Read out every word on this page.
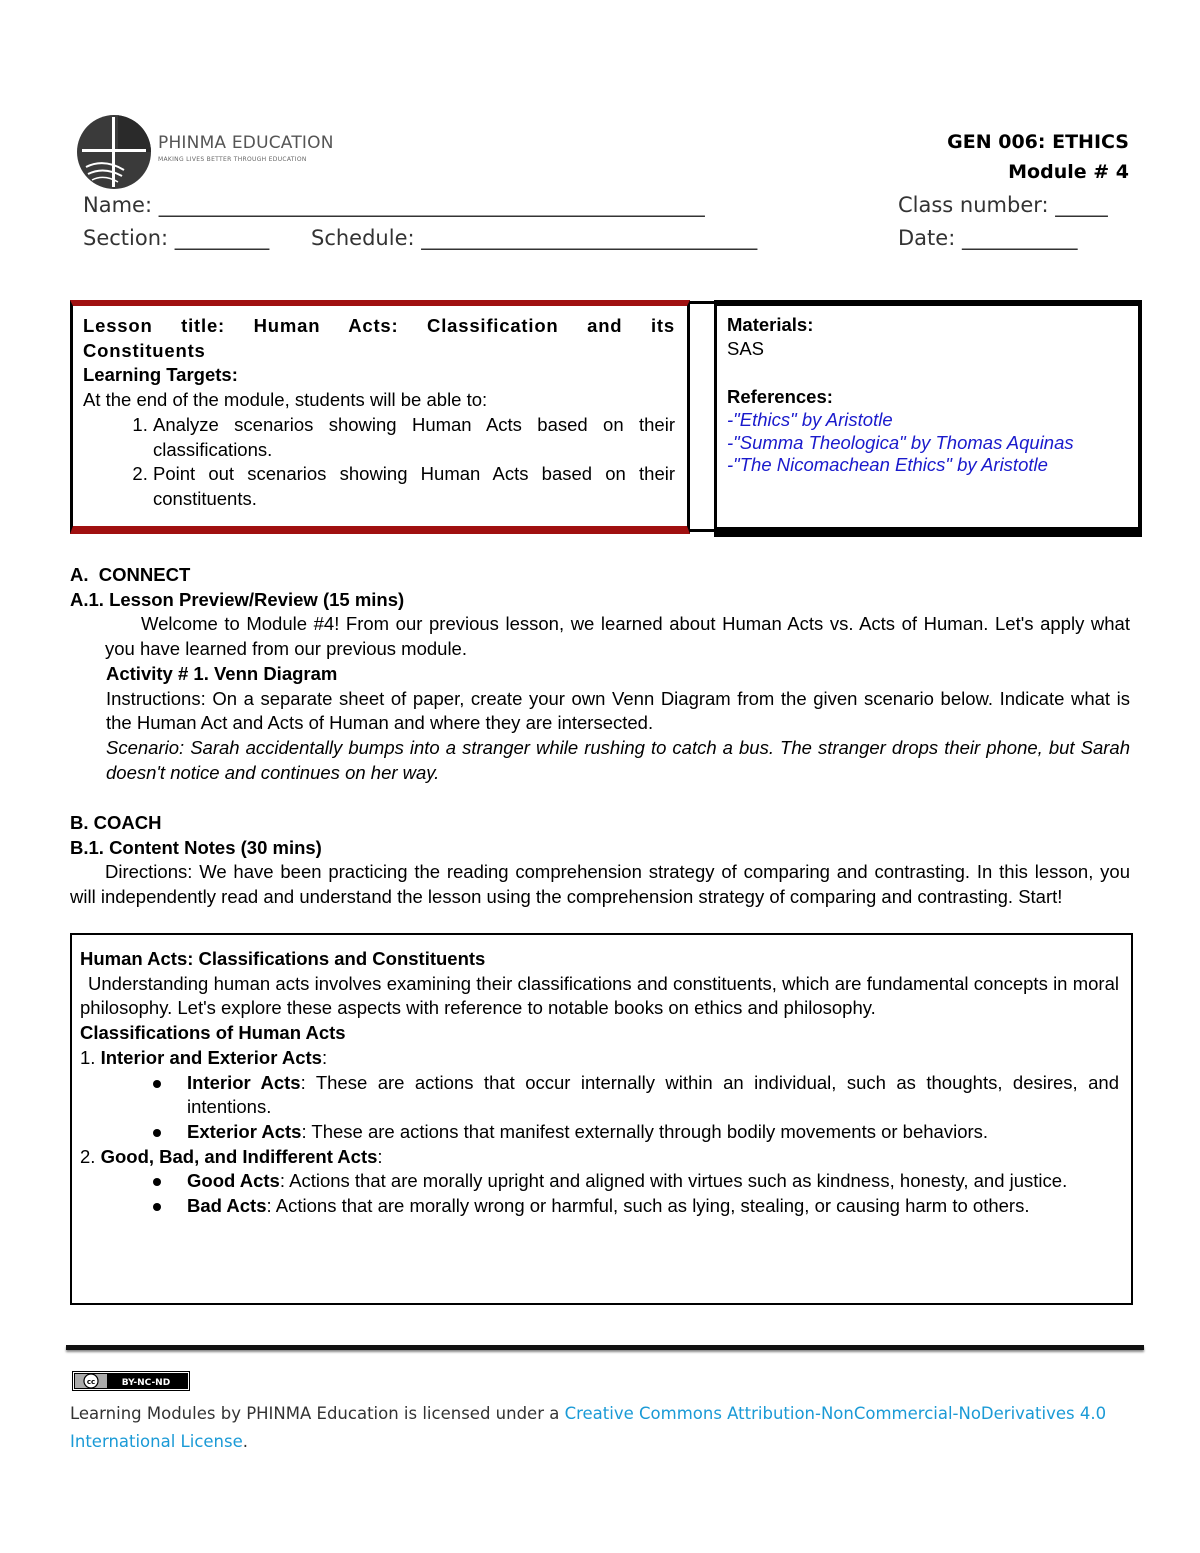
PHINMA EDUCATION
MAKING LIVES BETTER THROUGH EDUCATION
GEN 006: ETHICS
Module # 4
Name: ____________________________________________________	Class number: _____
Section: _________ Schedule: ________________________________	Date: ___________

Lesson title: Human Acts: Classification and its Constituents

Learning Targets:

At the end of the module, students will be able to:

1. Analyze scenarios showing Human Acts based on their classifications.
2. Point out scenarios showing Human Acts based on their constituents.

Materials:

SAS

References:

-"Ethics" by Aristotle

-"Summa Theologica" by Thomas Aquinas

-"The Nicomachean Ethics" by Aristotle

A.  CONNECT

A.1. Lesson Preview/Review (15 mins)

Welcome to Module #4! From our previous lesson, we learned about Human Acts vs. Acts of Human. Let's apply what you have learned from our previous module.

Activity # 1. Venn Diagram

Instructions: On a separate sheet of paper, create your own Venn Diagram from the given scenario below. Indicate what is the Human Act and Acts of Human and where they are intersected.

Scenario: Sarah accidentally bumps into a stranger while rushing to catch a bus. The stranger drops their phone, but Sarah doesn't notice and continues on her way.

B. COACH

B.1. Content Notes (30 mins)

Directions: We have been practicing the reading comprehension strategy of comparing and contrasting. In this lesson, you will independently read and understand the lesson using the comprehension strategy of comparing and contrasting. Start!

Human Acts: Classifications and Constituents

Understanding human acts involves examining their classifications and constituents, which are fundamental concepts in moral philosophy. Let's explore these aspects with reference to notable books on ethics and philosophy.

Classifications of Human Acts

1. Interior and Exterior Acts:

Interior Acts: These are actions that occur internally within an individual, such as thoughts, desires, and intentions.
Exterior Acts: These are actions that manifest externally through bodily movements or behaviors.

2. Good, Bad, and Indifferent Acts:

Good Acts: Actions that are morally upright and aligned with virtues such as kindness, honesty, and justice.
Bad Acts: Actions that are morally wrong or harmful, such as lying, stealing, or causing harm to others.
cc	BY-NC-ND
Learning Modules by PHINMA Education is licensed under a Creative Commons Attribution-NonCommercial-NoDerivatives 4.0 International License.
